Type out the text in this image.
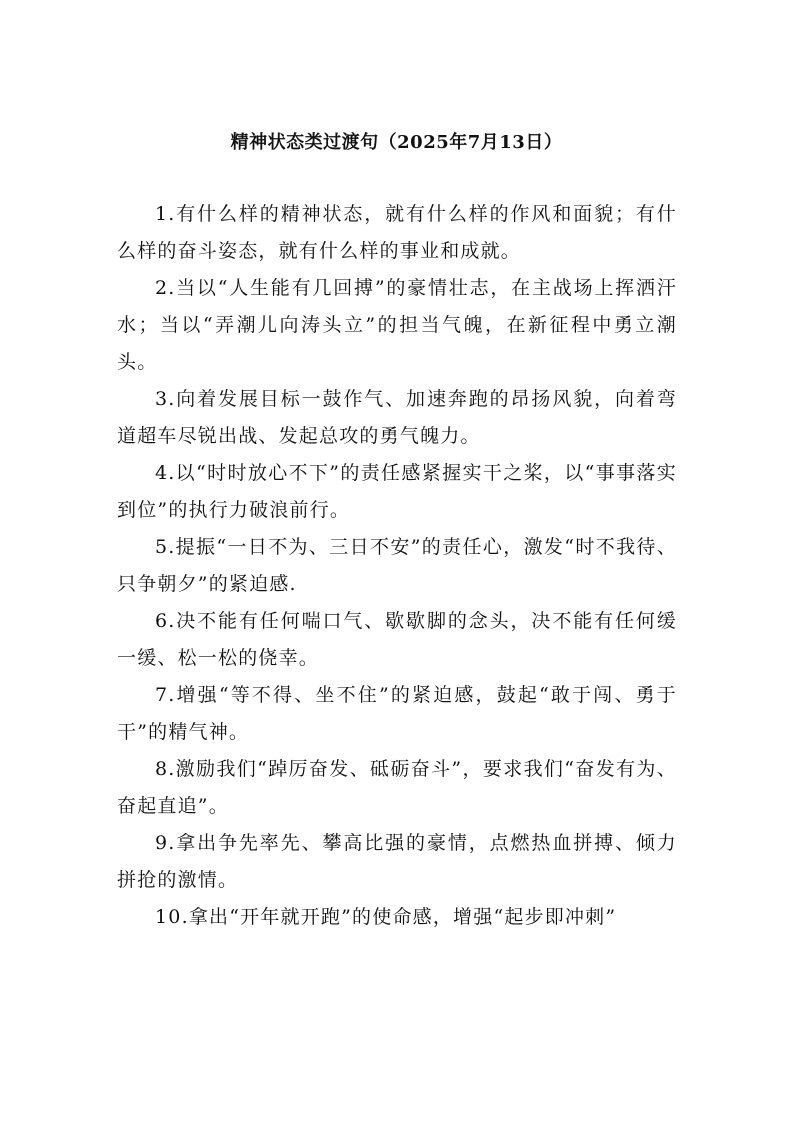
精神状态类过渡句（2025年7月13日）

1.有什么样的精神状态，就有什么样的作风和面貌；有什么样的奋斗姿态，就有什么样的事业和成就。

2.当以“人生能有几回搏”的豪情壮志，在主战场上挥洒汗水；当以“弄潮儿向涛头立”的担当气魄，在新征程中勇立潮头。

3.向着发展目标一鼓作气、加速奔跑的昂扬风貌，向着弯道超车尽锐出战、发起总攻的勇气魄力。

4.以“时时放心不下”的责任感紧握实干之桨，以“事事落实到位”的执行力破浪前行。

5.提振“一日不为、三日不安”的责任心，激发“时不我待、只争朝夕”的紧迫感.

6.决不能有任何喘口气、歇歇脚的念头，决不能有任何缓一缓、松一松的侥幸。

7.增强“等不得、坐不住”的紧迫感，鼓起“敢于闯、勇于干”的精气神。

8.激励我们“踔厉奋发、砥砺奋斗”，要求我们“奋发有为、奋起直追”。

9.拿出争先率先、攀高比强的豪情，点燃热血拼搏、倾力拼抢的激情。

10.拿出“开年就开跑”的使命感，增强“起步即冲刺”
